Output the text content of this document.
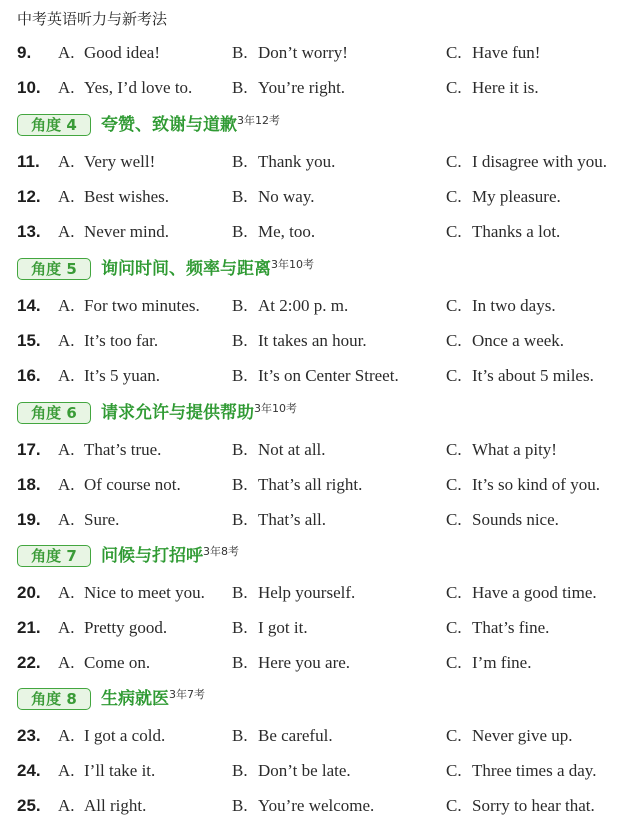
中考英语听力与新考法
9. A. Good idea!	B. Don’t worry!	C. Have fun!
10. A. Yes, I’d love to. B. You’re right.	C. Here it is.
角度 4	夸赞、致谢与道歉$^{3年12考}$
11. A. Very well!	B. Thank you.	C. I disagree with you.
12. A. Best wishes.	B. No way.	C. My pleasure.
13. A. Never mind.	B. Me, too.	C. Thanks a lot.
角度 5	询问时间、频率与距离$^{3年10考}$
14. A. For two minutes. B. At 2:00 p. m.	C. In two days.
15. A. It’s too far.	B. It takes an hour.	C. Once a week.
16. A. It’s 5 yuan.	B. It’s on Center Street.	C. It’s about 5 miles.
角度 6	请求允许与提供帮助$^{3年10考}$
17. A. That’s true.	B. Not at all.	C. What a pity!
18. A. Of course not.	B. That’s all right.	C. It’s so kind of you.
19. A. Sure.	B. That’s all.	C. Sounds nice.
角度 7	问候与打招呼$^{3年8考}$
20. A. Nice to meet you. B. Help yourself.	C. Have a good time.
21. A. Pretty good.	B. I got it.	C. That’s fine.
22. A. Come on.	B. Here you are.	C. I’m fine.
角度 8	生病就医$^{3年7考}$
23. A. I got a cold.	B. Be careful.	C. Never give up.
24. A. I’ll take it.	B. Don’t be late.	C. Three times a day.
25. A. All right.	B. You’re welcome.	C. Sorry to hear that.
